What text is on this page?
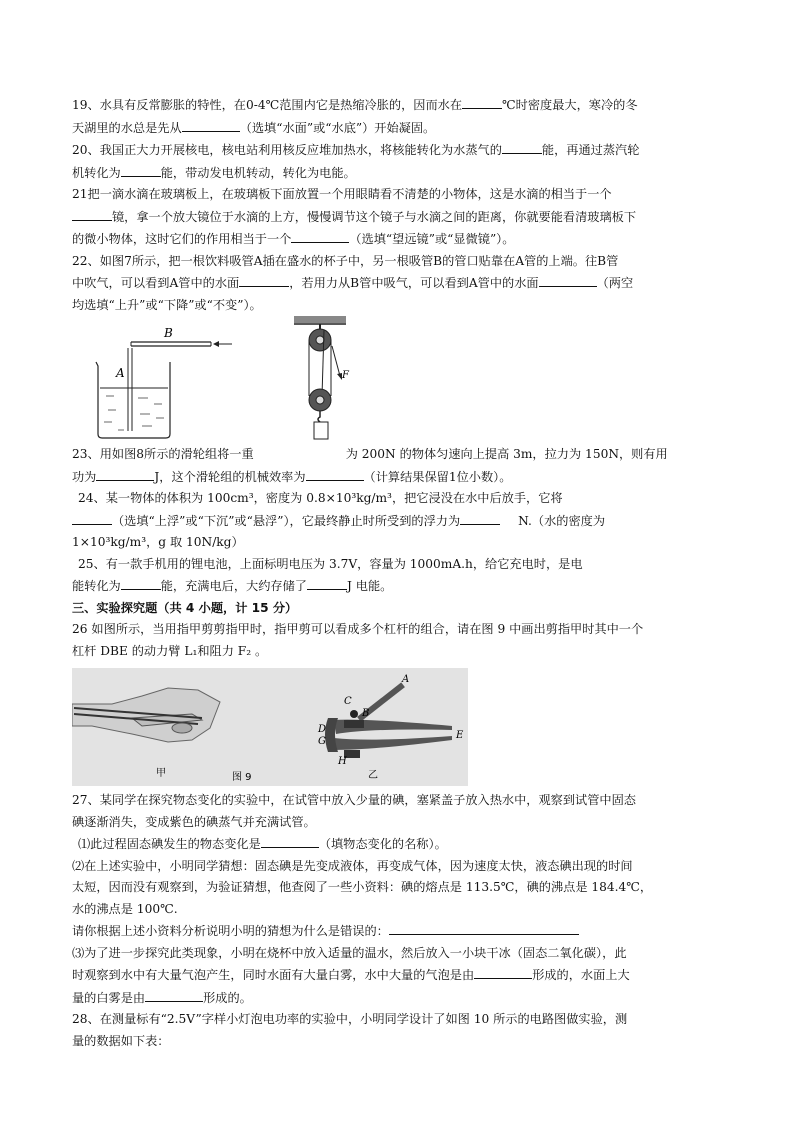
19、水具有反常膨胀的特性，在0-4℃范围内它是热缩冷胀的，因而水在	℃时密度最大，寒冷的冬

天湖里的水总是先从	（选填“水面”或“水底”）开始凝固。

20、我国正大力开展核电，核电站利用核反应堆加热水，将核能转化为水蒸气的	能，再通过蒸汽轮

机转化为	能，带动发电机转动，转化为电能。

21把一滴水滴在玻璃板上，在玻璃板下面放置一个用眼睛看不清楚的小物体，这是水滴的相当于一个

镜，拿一个放大镜位于水滴的上方，慢慢调节这个镜子与水滴之间的距离，你就要能看清玻璃板下

的微小物体，这时它们的作用相当于一个	（选填“望远镜”或“显微镜”）。

22、如图7所示，把一根饮料吸管A插在盛水的杯子中，另一根吸管B的管口贴靠在A管的上端。往B管

中吹气，可以看到A管中的水面	，若用力从B管中吸气，可以看到A管中的水面	（两空

均选填“上升”或“下降”或“不变”）。

B
A	F

23、用如图8所示的滑轮组将一重	为 200N 的物体匀速向上提高 3m，拉力为 150N，则有用

功为	J，这个滑轮组的机械效率为	（计算结果保留1位小数）。

24、某一物体的体积为 100cm³，密度为 0.8×10³kg/m³，把它浸没在水中后放手，它将

（选填“上浮”或“下沉”或“悬浮”），它最终静止时所受到的浮力为	N.（水的密度为

1×10³kg/m³，g 取 10N/kg）

25、有一款手机用的锂电池，上面标明电压为 3.7V，容量为 1000mA.h，给它充电时，是电

能转化为	能，充满电后，大约存储了	J 电能。

三、实验探究题（共 4 小题，计 15 分）

26 如图所示，当用指甲剪剪指甲时，指甲剪可以看成多个杠杆的组合，请在图 9 中画出剪指甲时其中一个

杠杆 DBE 的动力臂 L₁和阻力 F₂ 。

甲	图 9
A
B
C
D
E
G
H
乙

27、某同学在探究物态变化的实验中，在试管中放入少量的碘，塞紧盖子放入热水中，观察到试管中固态

碘逐渐消失，变成紫色的碘蒸气并充满试管。

⑴此过程固态碘发生的物态变化是	（填物态变化的名称）。

⑵在上述实验中，小明同学猜想：固态碘是先变成液体，再变成气体，因为速度太快，液态碘出现的时间

太短，因而没有观察到，为验证猜想，他查阅了一些小资料：碘的熔点是 113.5℃，碘的沸点是 184.4℃，

水的沸点是 100℃.

请你根据上述小资料分析说明小明的猜想为什么是错误的：

⑶为了进一步探究此类现象，小明在烧杯中放入适量的温水，然后放入一小块干冰（固态二氧化碳），此

时观察到水中有大量气泡产生，同时水面有大量白雾，水中大量的气泡是由	形成的，水面上大

量的白雾是由	形成的。

28、在测量标有“2.5V”字样小灯泡电功率的实验中，小明同学设计了如图 10 所示的电路图做实验，测

量的数据如下表：
